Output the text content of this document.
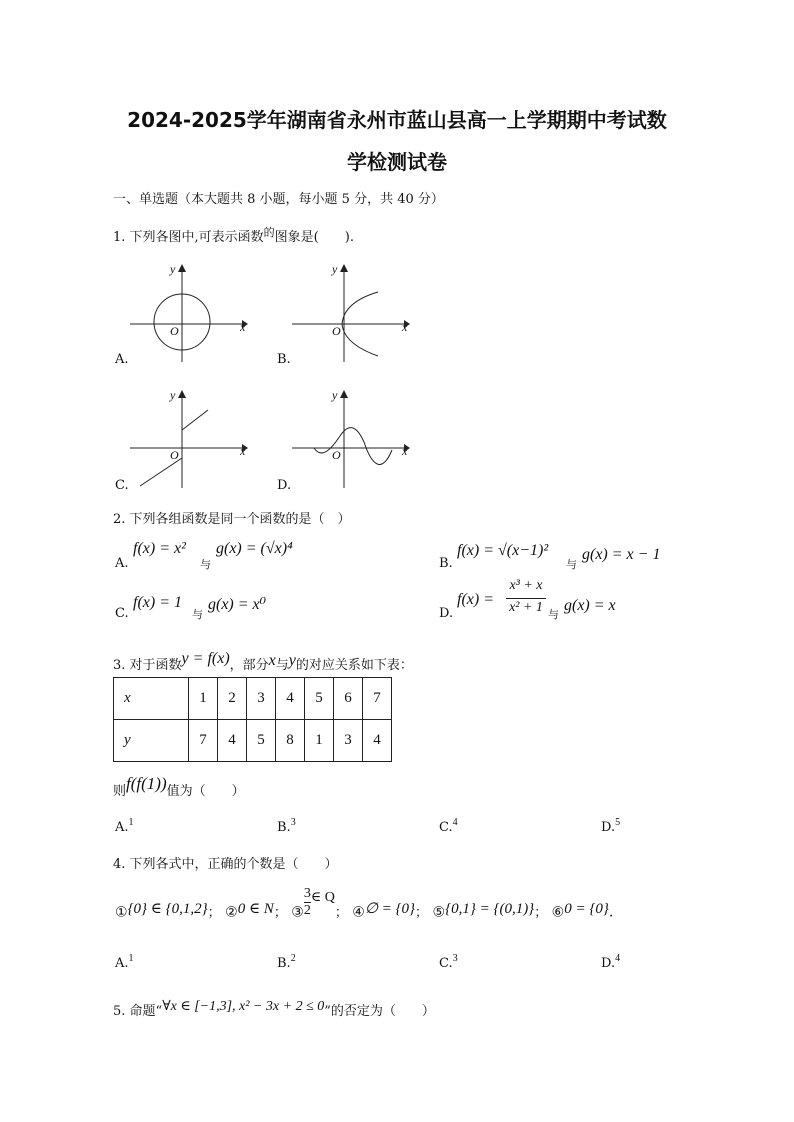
2024-2025学年湖南省永州市蓝山县高一上学期期中考试数
学检测试卷
一、单选题（本大题共 8 小题，每小题 5 分，共 40 分）
1. 下列各图中,可表示函数$^的$图象是(　　).
y
x
O
A.
y
x
O
B.
y
x
O
C.
y
x
O
D.
2. 下列各组函数是同一个函数的是（　）
A.
f(x) = x²
与
g(x) = (√x)⁴
B.
f(x) = √(x−1)²
与
g(x) = x − 1
C.
f(x) = 1
与
g(x) = x⁰
D.
f(x) =
x³ + x
x² + 1 与
g(x) = x
3. 对于函数y = f(x)，部分x与y的对应关系如下表：
x	1	2	3	4	5	6	7
y	7	4	5	8	1	3	4
则f(f(1))值为（　　）
A.$^1$	B.$^3$	C.$^4$	D.$^5$
4. 下列各式中，正确的个数是（　　）
①{0} ∈ {0,1,2}； ②0 ∈ N； ③ $\frac{3}{2}$ ∈ Q； ④∅ = {0}； ⑤{0,1} = {(0,1)}； ⑥0 = {0}.
A.$^1$	B.$^2$	C.$^3$	D.$^4$
5. 命题“∀x ∈ [−1,3], x² − 3x + 2 ≤ 0”的否定为（　　）
